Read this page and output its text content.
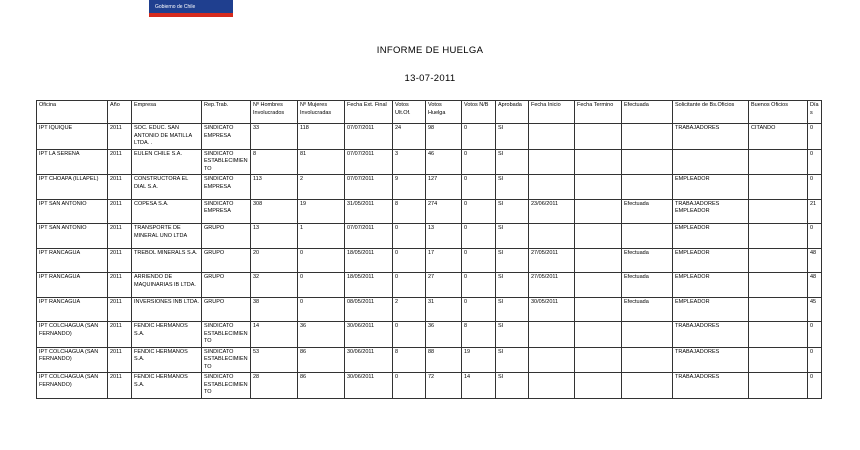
Gobierno de Chile
INFORME DE HUELGA
13-07-2011
Oficina	Año	Empresa	Rep.Trab.	Nº Hombres Involucrados	Nº Mujeres Involucradas	Fecha Ext. Final	Votos Ult.Of.	Votos Huelga	Votos N/B	Aprobada	Fecha Inicio	Fecha Termino	Efectuada	Solicitante de Bs.Oficios	Buenos Oficios	Días
IPT IQUIQUE	2011	SOC. EDUC. SAN ANTONIO DE MATILLA LTDA. .	SINDICATO EMPRESA	33	118	07/07/2011	24	98	0	SI				TRABAJADORES	CITANDO	0
IPT LA SERENA	2011	EULEN CHILE S.A.	SINDICATO ESTABLECIMIENTO	8	81	07/07/2011	3	46	0	SI						0
IPT CHOAPA (ILLAPEL)	2011	CONSTRUCTORA EL DIAL S.A.	SINDICATO EMPRESA	113	2	07/07/2011	9	127	0	SI				EMPLEADOR		0
IPT SAN ANTONIO	2011	COPESA S.A.	SINDICATO EMPRESA	308	19	31/05/2011	8	274	0	SI	23/06/2011		Efectuada	TRABAJADORES EMPLEADOR		21
IPT SAN ANTONIO	2011	TRANSPORTE DE MINERAL UNO LTDA	GRUPO	13	1	07/07/2011	0	13	0	SI				EMPLEADOR		0
IPT RANCAGUA	2011	TREBOL MINERALS S.A.	GRUPO	20	0	18/05/2011	0	17	0	SI	27/05/2011		Efectuada	EMPLEADOR		48
IPT RANCAGUA	2011	ARRIENDO DE MAQUINARIAS IB LTDA.	GRUPO	32	0	18/05/2011	0	27	0	SI	27/05/2011		Efectuada	EMPLEADOR		48
IPT RANCAGUA	2011	INVERSIONES INB LTDA.	GRUPO	38	0	08/05/2011	2	31	0	SI	30/05/2011		Efectuada	EMPLEADOR		45
IPT COLCHAGUA (SAN FERNANDO)	2011	FENDIC HERMANOS S.A.	SINDICATO ESTABLECIMIENTO	14	36	30/06/2011	0	36	8	SI				TRABAJADORES		0
IPT COLCHAGUA (SAN FERNANDO)	2011	FENDIC HERMANOS S.A.	SINDICATO ESTABLECIMIENTO	53	86	30/06/2011	8	88	19	SI				TRABAJADORES		0
IPT COLCHAGUA (SAN FERNANDO)	2011	FENDIC HERMANOS S.A.	SINDICATO ESTABLECIMIENTO	28	86	30/06/2011	0	72	14	SI				TRABAJADORES		0
